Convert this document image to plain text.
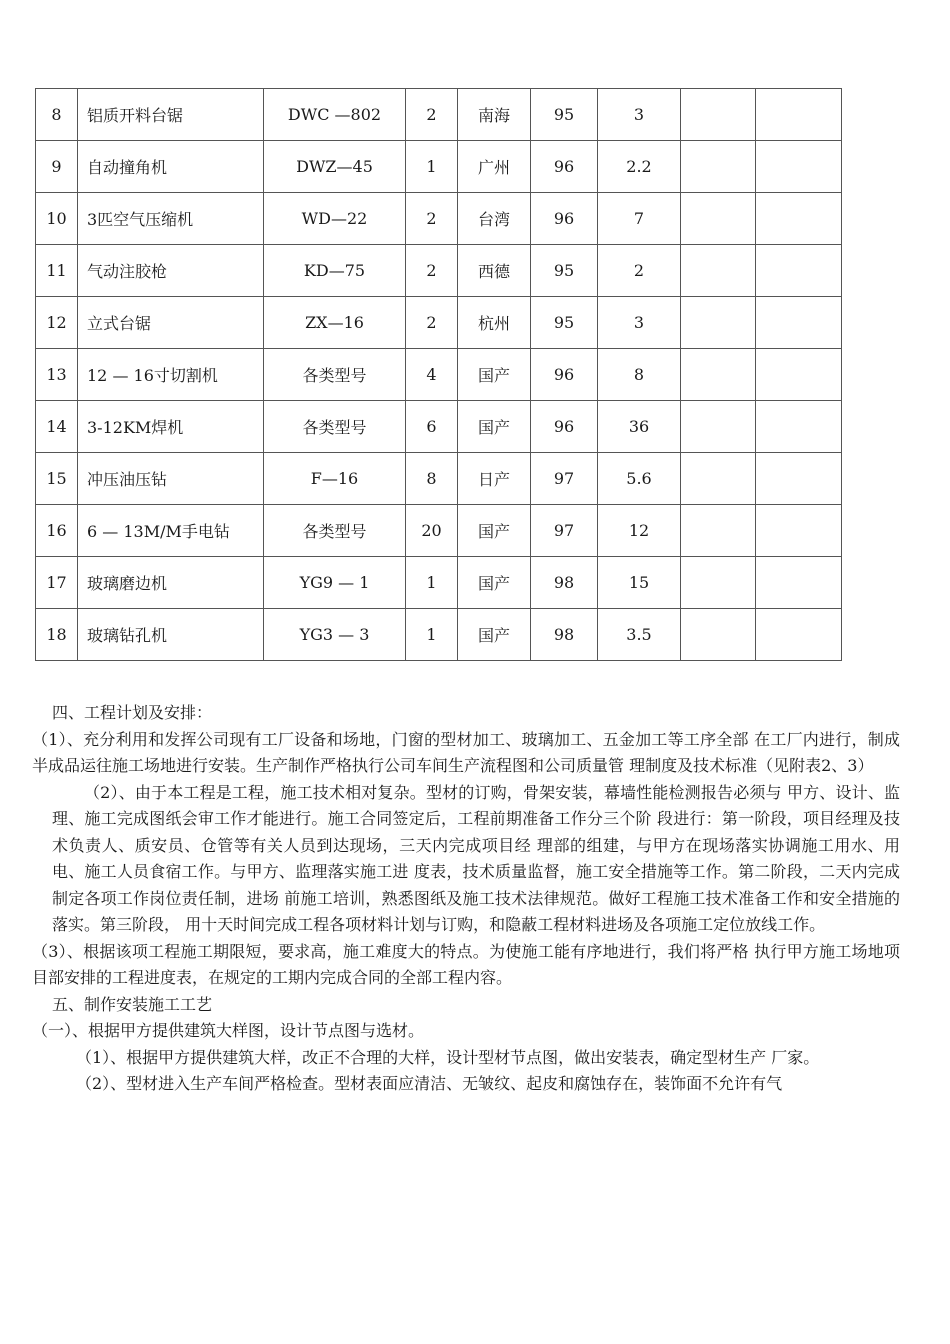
8	铝质开料台锯	DWC —802	2	南海	95	3		
9	自动撞角机	DWZ—45	1	广州	96	2.2		
10	3匹空气压缩机	WD—22	2	台湾	96	7		
11	气动注胶枪	KD—75	2	西德	95	2		
12	立式台锯	ZX—16	2	杭州	95	3		
13	12 — 16寸切割机	各类型号	4	国产	96	8		
14	3-12KM焊机	各类型号	6	国产	96	36		
15	冲压油压钻	F—16	8	日产	97	5.6		
16	6 — 13M/M手电钻	各类型号	20	国产	97	12		
17	玻璃磨边机	YG9 — 1	1	国产	98	15		
18	玻璃钻孔机	YG3 — 3	1	国产	98	3.5		

四、工程计划及安排：

（1）、充分利用和发挥公司现有工厂设备和场地，门窗的型材加工、玻璃加工、五金加工等工序全部 在工厂内进行，制成半成品运往施工场地进行安装。生产制作严格执行公司车间生产流程图和公司质量管 理制度及技术标准（见附表2、3）

（2）、由于本工程是工程，施工技术相对复杂。型材的订购，骨架安装，幕墙性能检测报告必须与 甲方、设计、监理、施工完成图纸会审工作才能进行。施工合同签定后，工程前期准备工作分三个阶 段进行：第一阶段，项目经理及技术负责人、质安员、仓管等有关人员到达现场，三天内完成项目经 理部的组建，与甲方在现场落实协调施工用水、用电、施工人员食宿工作。与甲方、监理落实施工进 度表，技术质量监督，施工安全措施等工作。第二阶段，二天内完成制定各项工作岗位责任制，进场 前施工培训，熟悉图纸及施工技术法律规范。做好工程施工技术准备工作和安全措施的落实。第三阶段， 用十天时间完成工程各项材料计划与订购，和隐蔽工程材料进场及各项施工定位放线工作。

（3）、根据该项工程施工期限短，要求高，施工难度大的特点。为使施工能有序地进行，我们将严格 执行甲方施工场地项目部安排的工程进度表，在规定的工期内完成合同的全部工程内容。

五、制作安装施工工艺

（一）、根据甲方提供建筑大样图，设计节点图与选材。

（1）、根据甲方提供建筑大样，改正不合理的大样，设计型材节点图，做出安装表，确定型材生产 厂家。

（2）、型材进入生产车间严格检查。型材表面应清洁、无皱纹、起皮和腐蚀存在，装饰面不允许有气
